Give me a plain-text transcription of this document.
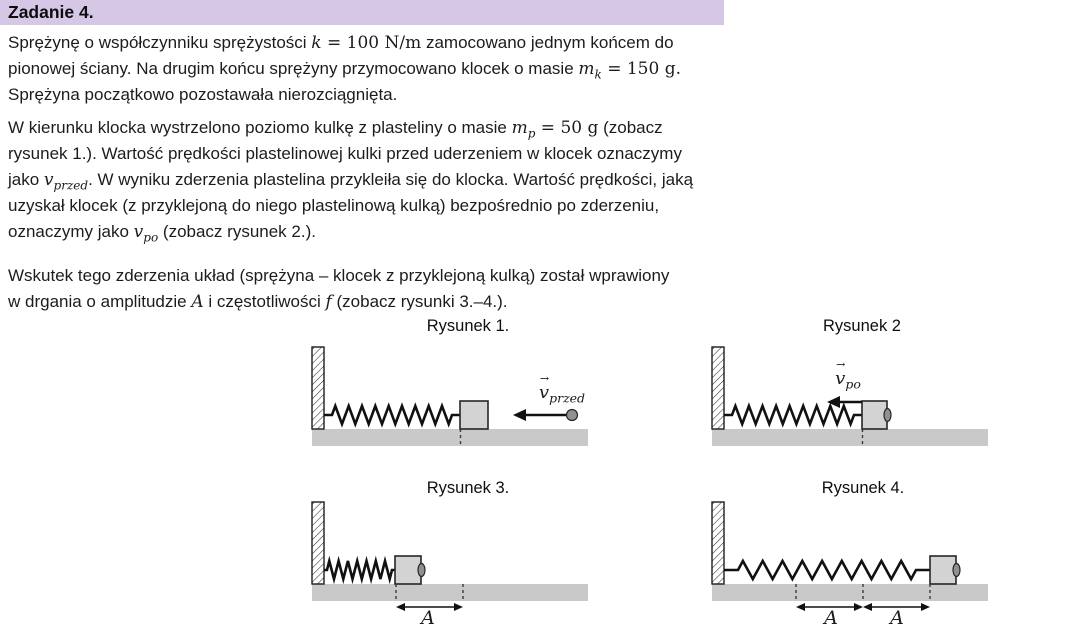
Zadanie 4.
Sprężynę o współczynniku sprężystości k = 100 N/m zamocowano jednym końcem do
pionowej ściany. Na drugim końcu sprężyny przymocowano klocek o masie $m_k = 150$ g.
Sprężyna początkowo pozostawała nierozciągnięta.
W kierunku klocka wystrzelono poziomo kulkę z plasteliny o masie $m_p = 50$ g (zobacz
rysunek 1.). Wartość prędkości plastelinowej kulki przed uderzeniem w klocek oznaczymy
jako $v_{przed}$. W wyniku zderzenia plastelina przykleiła się do klocka. Wartość prędkości, jaką
uzyskał klocek (z przyklejoną do niego plastelinową kulką) bezpośrednio po zderzeniu,
oznaczymy jako $v_{po}$ (zobacz rysunek 2.).
Wskutek tego zderzenia układ (sprężyna – klocek z przyklejoną kulką) został wprawiony
w drgania o amplitudzie A i częstotliwości f (zobacz rysunki 3.–4.).
Rysunek 1.
→
$v_{przed}$
Rysunek 2
→
$v_{po}$
Rysunek 3.
A
Rysunek 4.
A	A
